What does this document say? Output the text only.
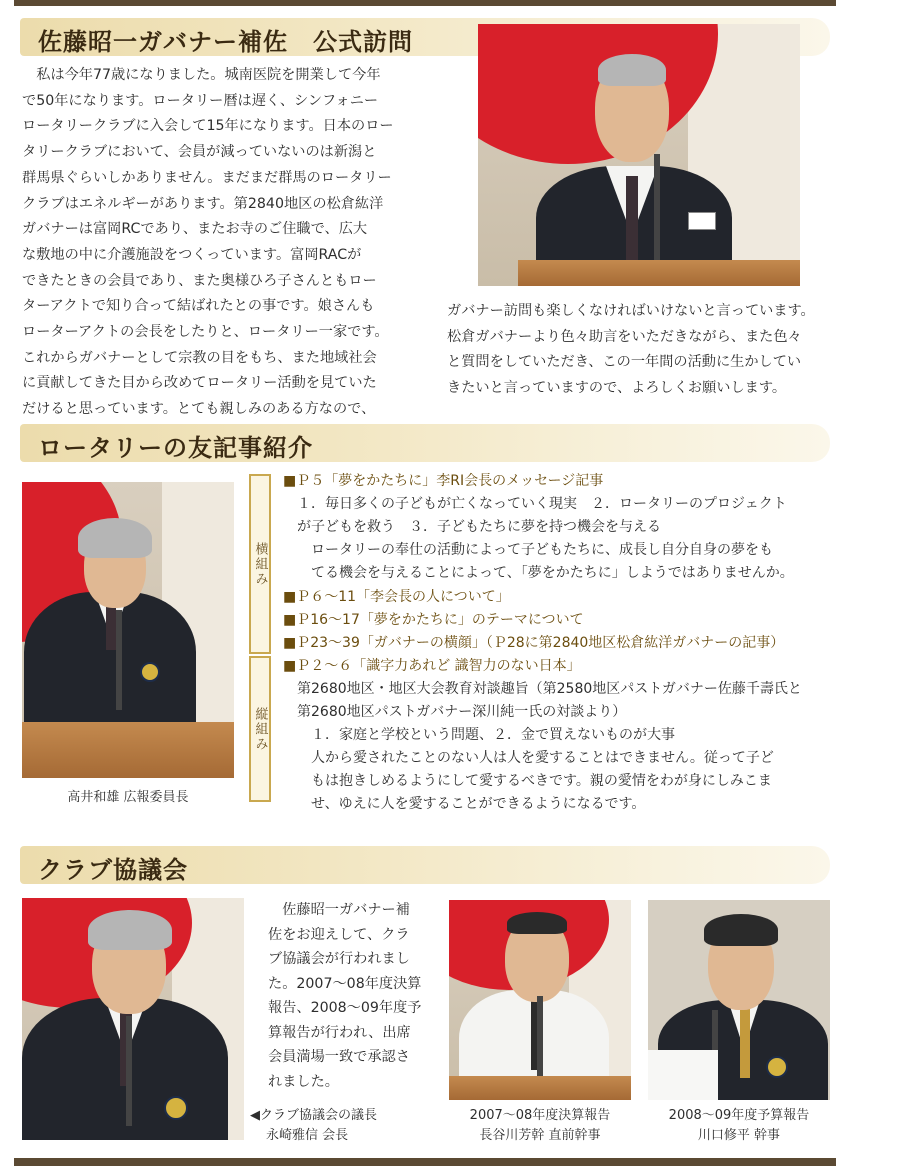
佐藤昭一ガバナー補佐　公式訪問
私は今年77歳になりました。城南医院を開業して今年
で50年になります。ロータリー暦は遅く、シンフォニー
ロータリークラブに入会して15年になります。日本のロー
タリークラブにおいて、会員が減っていないのは新潟と
群馬県ぐらいしかありません。まだまだ群馬のロータリー
クラブはエネルギーがあります。第2840地区の松倉紘洋
ガバナーは富岡RCであり、またお寺のご住職で、広大
な敷地の中に介護施設をつくっています。富岡RACが
できたときの会員であり、また奥様ひろ子さんともロー
ターアクトで知り合って結ばれたとの事です。娘さんも
ローターアクトの会長をしたりと、ロータリー一家です。
これからガバナーとして宗教の目をもち、また地域社会
に貢献してきた目から改めてロータリー活動を見ていた
だけると思っています。とても親しみのある方なので、
ガバナー訪問も楽しくなければいけないと言っています。
松倉ガバナーより色々助言をいただきながら、また色々
と質問をしていただき、この一年間の活動に生かしてい
きたいと言っていますので、よろしくお願いします。
ロータリーの友記事紹介
高井和雄 広報委員長
横組み
縦組み
■Ｐ５「夢をかたちに」李RI会長のメッセージ記事
　１．毎日多くの子どもが亡くなっていく現実　２．ロータリーのプロジェクト
が子どもを救う　３．子どもたちに夢を持つ機会を与える
　ロータリーの奉仕の活動によって子どもたちに、成長し自分自身の夢をも
　てる機会を与えることによって、「夢をかたちに」しようではありませんか。
■Ｐ６～11「李会長の人について」
■Ｐ16～17「夢をかたちに」のテーマについて
■Ｐ23～39「ガバナーの横顔」（Ｐ28に第2840地区松倉紘洋ガバナーの記事）
■Ｐ２～６「識字力あれど 識智力のない日本」
第2680地区・地区大会教育対談趣旨（第2580地区パストガバナー佐藤千壽氏と
第2680地区パストガバナー深川純一氏の対談より）
　１．家庭と学校という問題、２．金で買えないものが大事
　人から愛されたことのない人は人を愛することはできません。従って子ど
　もは抱きしめるようにして愛するべきです。親の愛情をわが身にしみこま
　せ、ゆえに人を愛することができるようになるです。
クラブ協議会
佐藤昭一ガバナー補
佐をお迎えして、クラ
ブ協議会が行われまし
た。2007～08年度決算
報告、2008～09年度予
算報告が行われ、出席
会員満場一致で承認さ
れました。
◀クラブ協議会の議長
永崎雅信 会長
2007～08年度決算報告
長谷川芳幹 直前幹事
2008～09年度予算報告
川口修平 幹事
